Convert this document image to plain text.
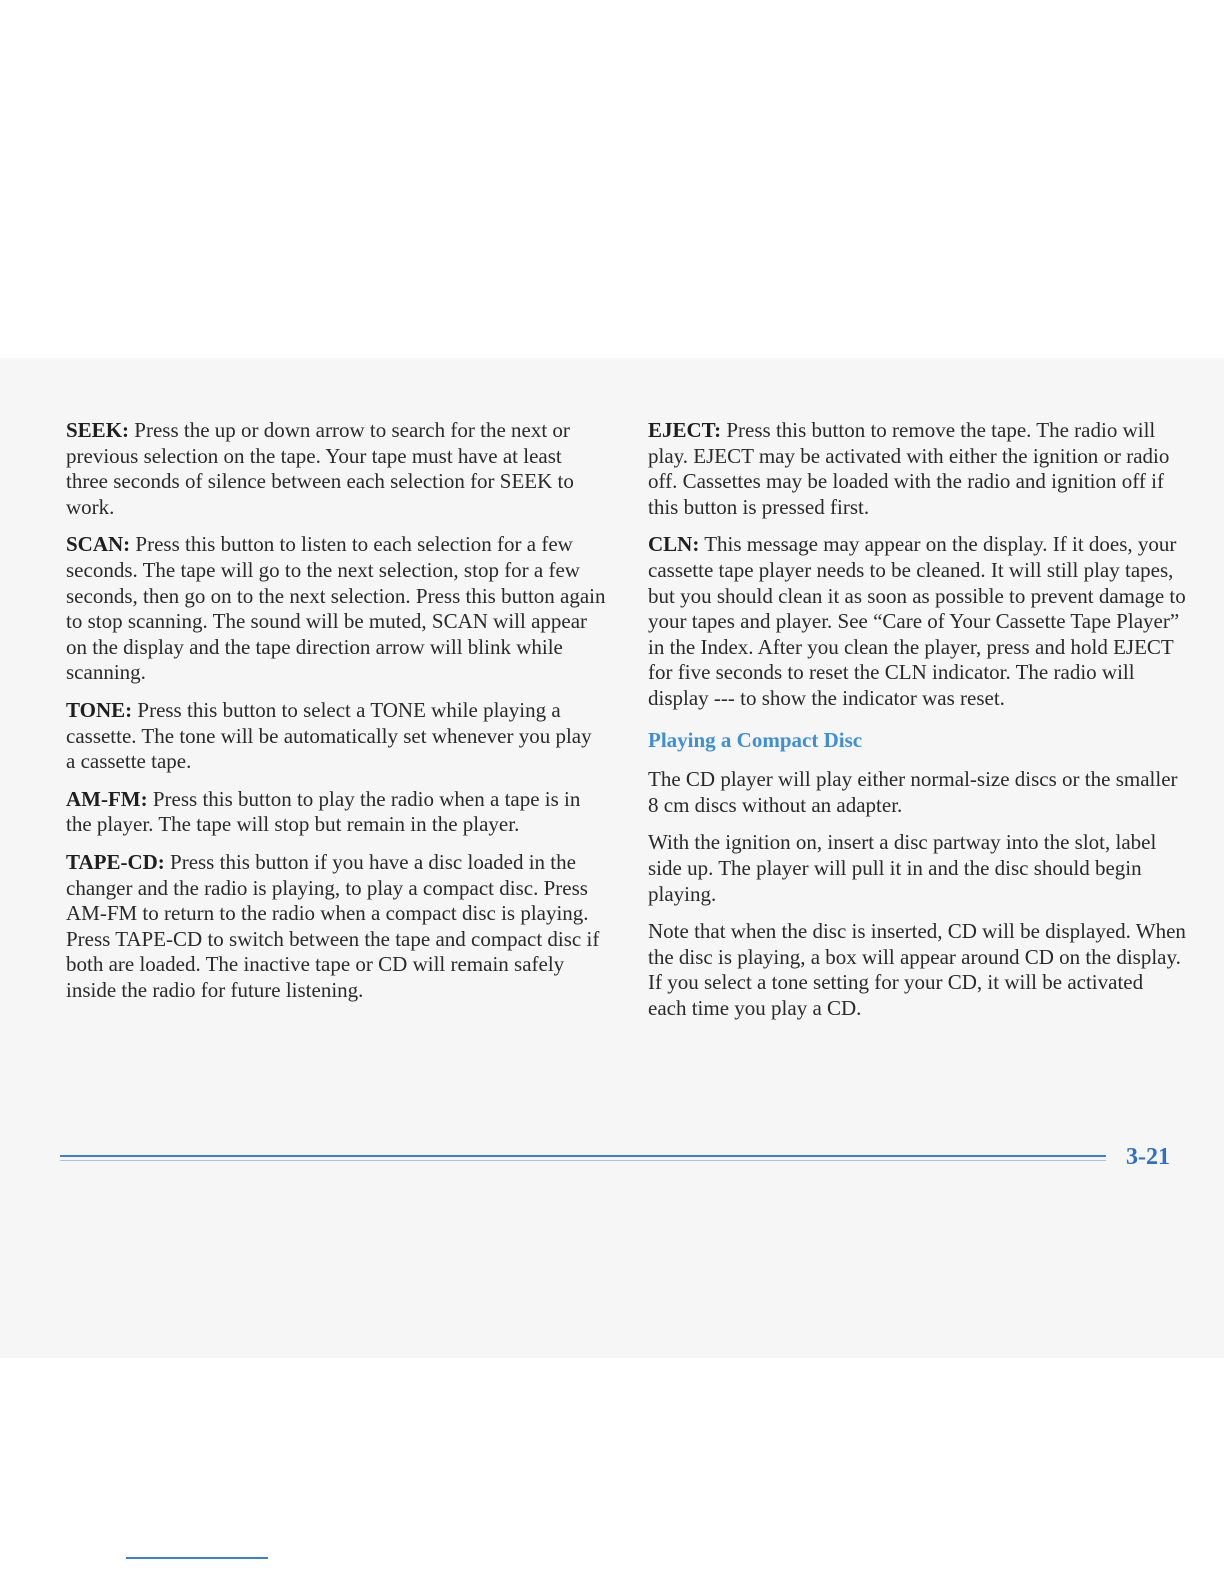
SEEK: Press the up or down arrow to search for the next or previous selection on the tape. Your tape must have at least three seconds of silence between each selection for SEEK to work.

SCAN: Press this button to listen to each selection for a few seconds. The tape will go to the next selection, stop for a few seconds, then go on to the next selection. Press this button again to stop scanning. The sound will be muted, SCAN will appear on the display and the tape direction arrow will blink while scanning.

TONE: Press this button to select a TONE while playing a cassette. The tone will be automatically set whenever you play a cassette tape.

AM-FM: Press this button to play the radio when a tape is in the player. The tape will stop but remain in the player.

TAPE-CD: Press this button if you have a disc loaded in the changer and the radio is playing, to play a compact disc. Press AM-FM to return to the radio when a compact disc is playing. Press TAPE-CD to switch between the tape and compact disc if both are loaded. The inactive tape or CD will remain safely inside the radio for future listening.

EJECT: Press this button to remove the tape. The radio will play. EJECT may be activated with either the ignition or radio off. Cassettes may be loaded with the radio and ignition off if this button is pressed first.

CLN: This message may appear on the display. If it does, your cassette tape player needs to be cleaned. It will still play tapes, but you should clean it as soon as possible to prevent damage to your tapes and player. See “Care of Your Cassette Tape Player” in the Index. After you clean the player, press and hold EJECT for five seconds to reset the CLN indicator. The radio will display --- to show the indicator was reset.

Playing a Compact Disc

The CD player will play either normal-size discs or the smaller 8 cm discs without an adapter.

With the ignition on, insert a disc partway into the slot, label side up. The player will pull it in and the disc should begin playing.

Note that when the disc is inserted, CD will be displayed. When the disc is playing, a box will appear around CD on the display. If you select a tone setting for your CD, it will be activated each time you play a CD.

3-21
